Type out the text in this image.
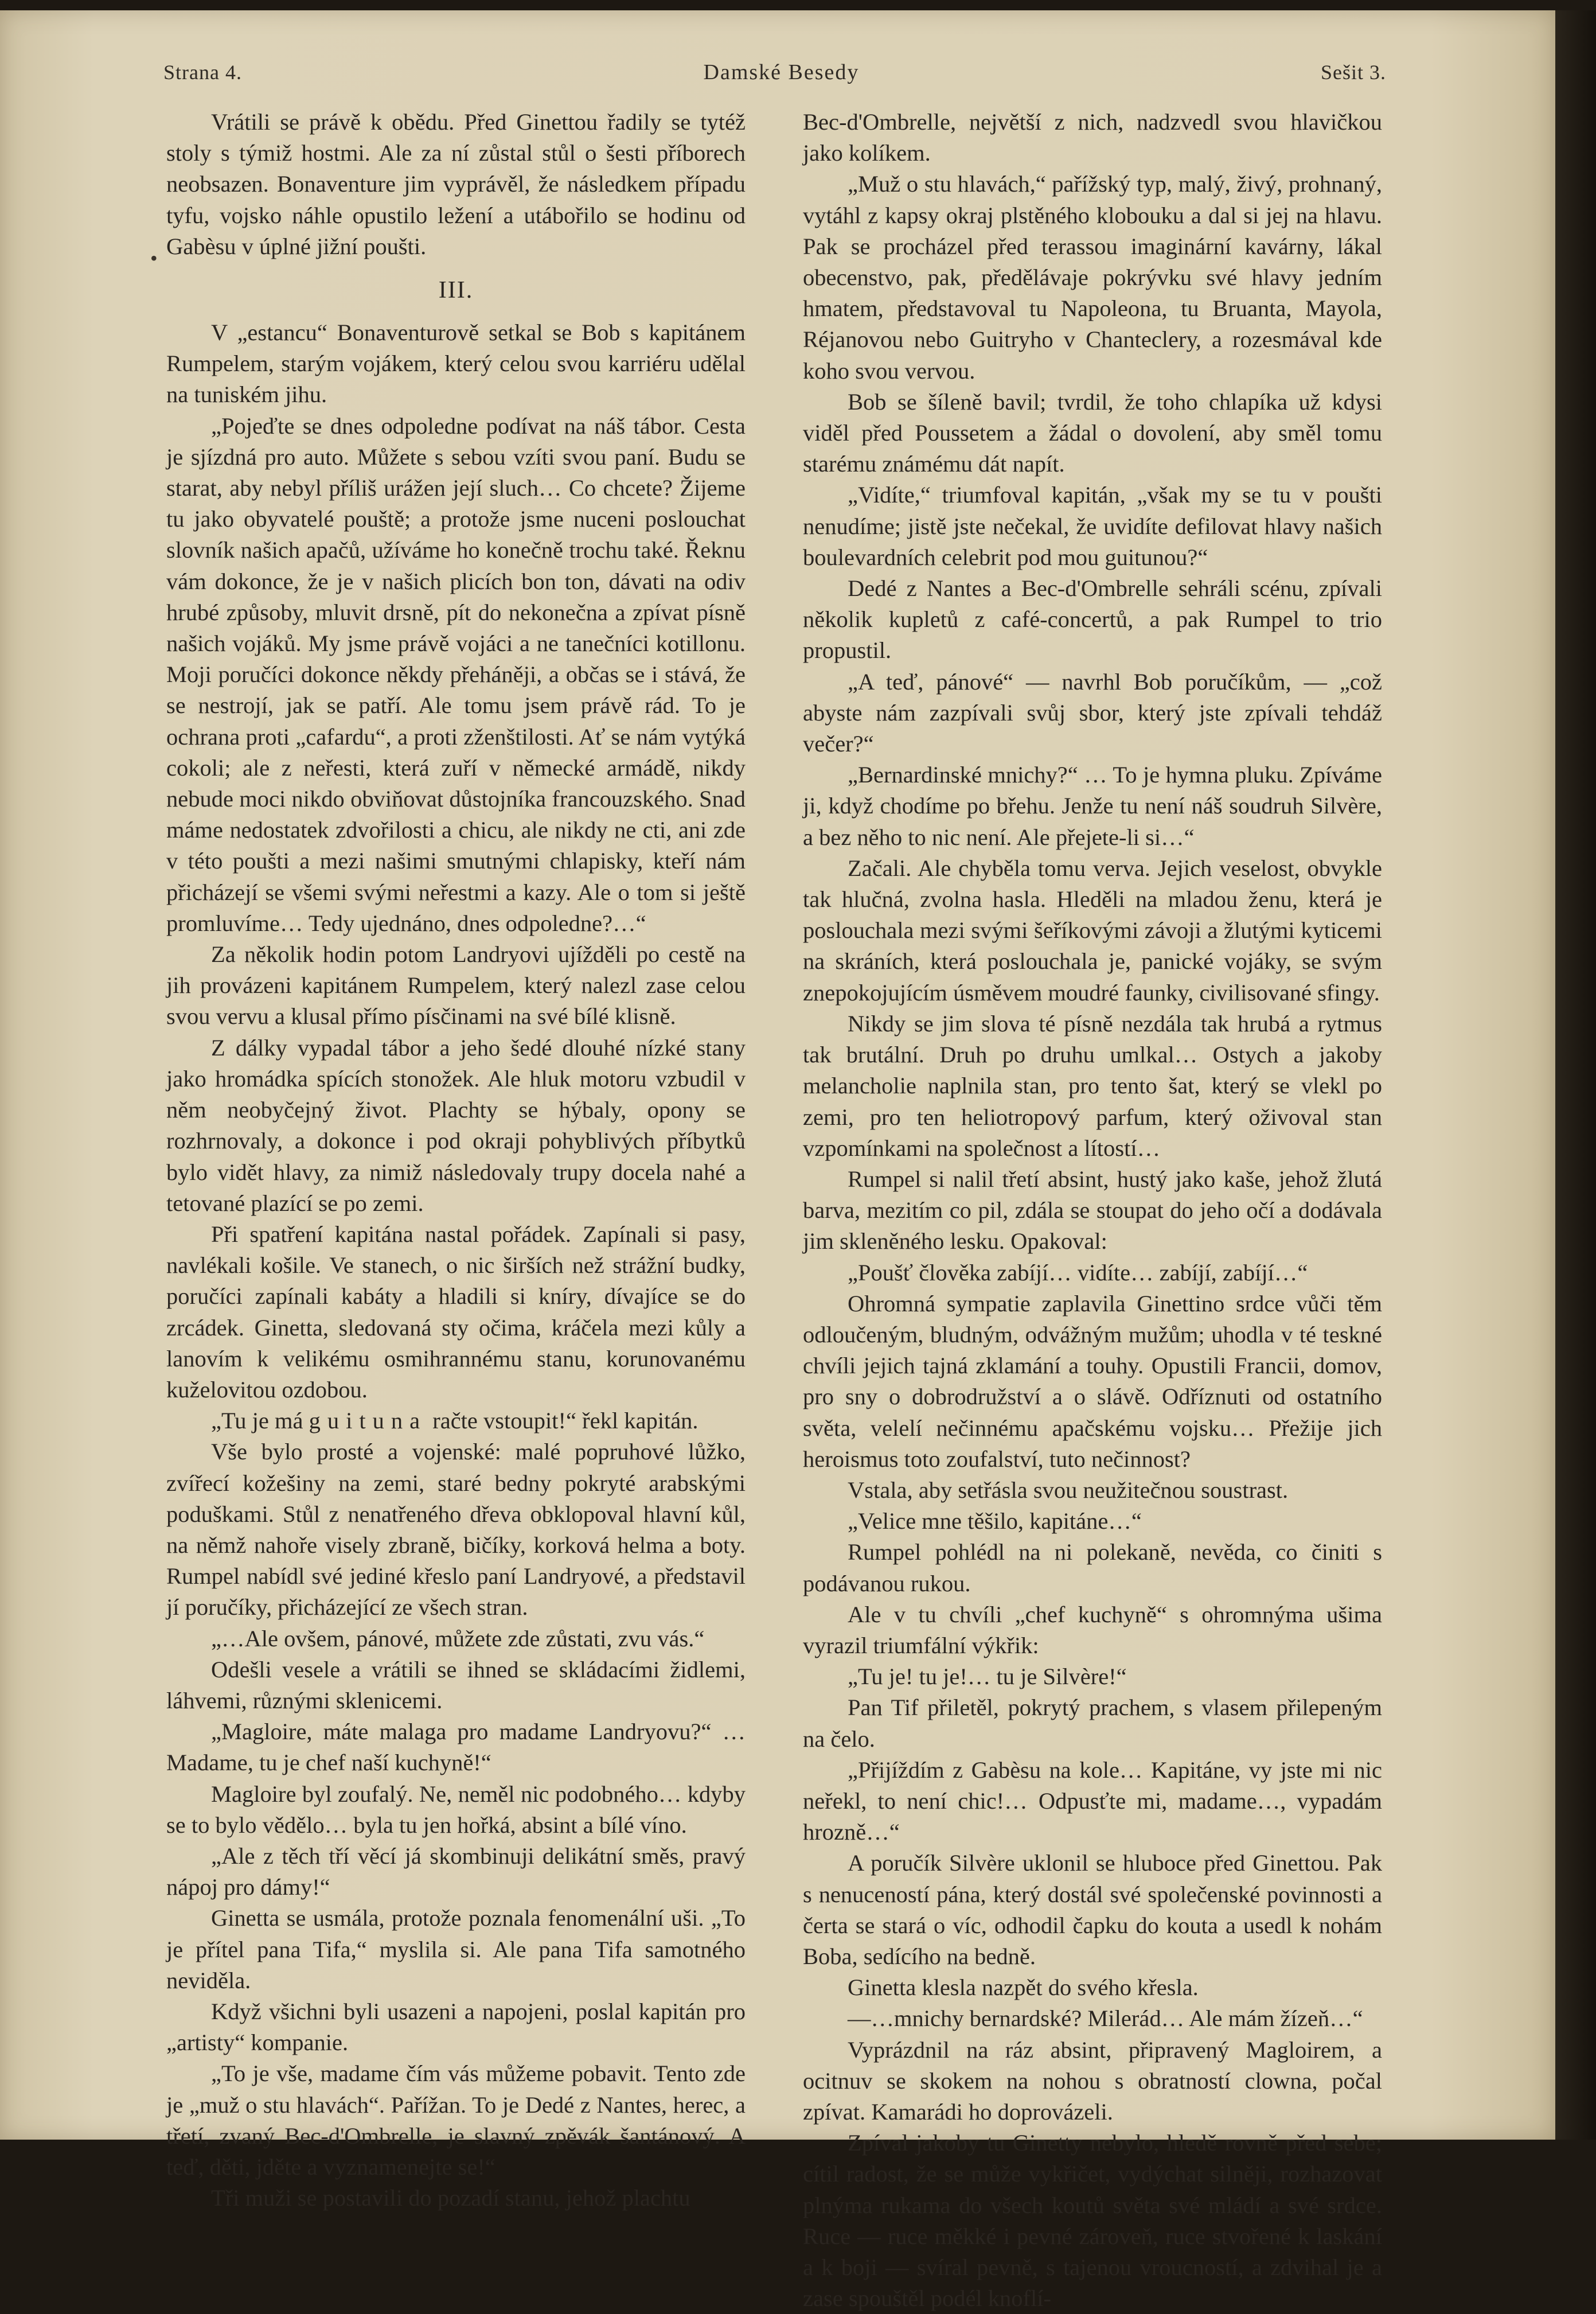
Strana 4.	Damské Besedy	Sešit 3.
•

Vrátili se právě k obědu. Před Ginettou řadily se tytéž stoly s týmiž hostmi. Ale za ní zůstal stůl o šesti příborech neobsazen. Bonaventure jim vyprávěl, že následkem případu tyfu, vojsko náhle opustilo ležení a utábořilo se hodinu od Gabèsu v úplné jižní poušti.

III.

V „estancu“ Bonaventurově setkal se Bob s kapitánem Rumpelem, starým vojákem, který celou svou karriéru udělal na tuniském jihu.

„Pojeďte se dnes odpoledne podívat na náš tábor. Cesta je sjízdná pro auto. Můžete s sebou vzíti svou paní. Budu se starat, aby nebyl příliš urážen její sluch… Co chcete? Žijeme tu jako obyvatelé pouště; a protože jsme nuceni poslouchat slovník našich apačů, užíváme ho konečně trochu také. Řeknu vám dokonce, že je v našich plicích bon ton, dávati na odiv hrubé způsoby, mluvit drsně, pít do nekonečna a zpívat písně našich vojáků. My jsme právě vojáci a ne tanečníci kotillonu. Moji poručíci dokonce někdy přeháněji, a občas se i stává, že se nestrojí, jak se patří. Ale tomu jsem právě rád. To je ochrana proti „cafardu“, a proti zženštilosti. Ať se nám vytýká cokoli; ale z neřesti, která zuří v německé armádě, nikdy nebude moci nikdo obviňovat důstojníka francouzského. Snad máme nedostatek zdvořilosti a chicu, ale nikdy ne cti, ani zde v této poušti a mezi našimi smutnými chlapisky, kteří nám přicházejí se všemi svými neřestmi a kazy. Ale o tom si ještě promluvíme… Tedy ujednáno, dnes odpoledne?…“

Za několik hodin potom Landryovi ujížděli po cestě na jih provázeni kapitánem Rumpelem, který nalezl zase celou svou vervu a klusal přímo písčinami na své bílé klisně.

Z dálky vypadal tábor a jeho šedé dlouhé nízké stany jako hromádka spících stonožek. Ale hluk motoru vzbudil v něm neobyčejný život. Plachty se hýbaly, opony se rozhrnovaly, a dokonce i pod okraji pohyblivých příbytků bylo vidět hlavy, za nimiž následovaly trupy docela nahé a tetované plazící se po zemi.

Při spatření kapitána nastal pořádek. Zapínali si pasy, navlékali košile. Ve stanech, o nic širších než strážní budky, poručíci zapínali kabáty a hladili si kníry, dívajíce se do zrcádek. Ginetta, sledovaná sty očima, kráčela mezi kůly a lanovím k velikému osmihrannému stanu, korunovanému kuželovitou ozdobou.

„Tu je má guituna račte vstoupit!“ řekl kapitán.

Vše bylo prosté a vojenské: malé popruhové lůžko, zvířecí kožešiny na zemi, staré bedny pokryté arabskými poduškami. Stůl z nenatřeného dřeva obklopoval hlavní kůl, na němž nahoře visely zbraně, bičíky, korková helma a boty. Rumpel nabídl své jediné křeslo paní Landryové, a představil jí poručíky, přicházející ze všech stran.

„…Ale ovšem, pánové, můžete zde zůstati, zvu vás.“

Odešli vesele a vrátili se ihned se skládacími židlemi, láhvemi, různými sklenicemi.

„Magloire, máte malaga pro madame Landryovu?“ …Madame, tu je chef naší kuchyně!“

Magloire byl zoufalý. Ne, neměl nic podobného… kdyby se to bylo vědělo… byla tu jen hořká, absint a bílé víno.

„Ale z těch tří věcí já skombinuji delikátní směs, pravý nápoj pro dámy!“

Ginetta se usmála, protože poznala fenomenální uši. „To je přítel pana Tifa,“ myslila si. Ale pana Tifa samotného neviděla.

Když všichni byli usazeni a napojeni, poslal kapitán pro „artisty“ kompanie.

„To je vše, madame čím vás můžeme pobavit. Tento zde je „muž o stu hlavách“. Pařížan. To je Dedé z Nantes, herec, a třetí, zvaný Bec-d'Ombrelle, je slavný zpěvák šantánový. A teď, děti, jděte a vyznamenejte se!“

Tři muži se postavili do pozadí stanu, jehož plachtu

Bec-d'Ombrelle, největší z nich, nadzvedl svou hlavičkou jako kolíkem.

„Muž o stu hlavách,“ pařížský typ, malý, živý, prohnaný, vytáhl z kapsy okraj plstěného klobouku a dal si jej na hlavu. Pak se procházel před terassou imaginární kavárny, lákal obecenstvo, pak, předělávaje pokrývku své hlavy jedním hmatem, představoval tu Napoleona, tu Bruanta, Mayola, Réjanovou nebo Guitryho v Chanteclerу, a rozesmával kde koho svou vervou.

Bob se šíleně bavil; tvrdil, že toho chlapíka už kdysi viděl před Poussetem a žádal o dovolení, aby směl tomu starému známému dát napít.

„Vidíte,“ triumfoval kapitán, „však my se tu v poušti nenudíme; jistě jste nečekal, že uvidíte defilovat hlavy našich boulevardních celebrit pod mou guitunou?“

Dedé z Nantes a Bec-d'Ombrelle sehráli scénu, zpívali několik kupletů z café-concertů, a pak Rumpel to trio propustil.

„A teď, pánové“ — navrhl Bob poručíkům, — „což abyste nám zazpívali svůj sbor, který jste zpívali tehdáž večer?“

„Bernardinské mnichy?“ … To je hymna pluku. Zpíváme ji, když chodíme po břehu. Jenže tu není náš soudruh Silvère, a bez něho to nic není. Ale přejete-li si…“

Začali. Ale chyběla tomu verva. Jejich veselost, obvykle tak hlučná, zvolna hasla. Hleděli na mladou ženu, která je poslouchala mezi svými šeříkovými závoji a žlutými kyticemi na skráních, která poslouchala je, panické vojáky, se svým znepokojujícím úsměvem moudré faunky, civilisované sfingy.

Nikdy se jim slova té písně nezdála tak hrubá a rytmus tak brutální. Druh po druhu umlkal… Ostych a jakoby melancholie naplnila stan, pro tento šat, který se vlekl po zemi, pro ten heliotropový parfum, který oživoval stan vzpomínkami na společnost a lítostí…

Rumpel si nalil třetí absint, hustý jako kaše, jehož žlutá barva, mezitím co pil, zdála se stoupat do jeho očí a dodávala jim skleněného lesku. Opakoval:

„Poušť člověka zabíjí… vidíte… zabíjí, zabíjí…“

Ohromná sympatie zaplavila Ginettino srdce vůči těm odloučeným, bludným, odvážným mužům; uhodla v té teskné chvíli jejich tajná zklamání a touhy. Opustili Francii, domov, pro sny o dobrodružství a o slávě. Odříznuti od ostatního světa, velelí nečinnému apačskému vojsku… Přežije jich heroismus toto zoufalství, tuto nečinnost?

Vstala, aby setřásla svou neužitečnou soustrast.

„Velice mne těšilo, kapitáne…“

Rumpel pohlédl na ni polekaně, nevěda, co činiti s podávanou rukou.

Ale v tu chvíli „chef kuchyně“ s ohromnýma ušima vyrazil triumfální výkřik:

„Tu je! tu je!… tu je Silvère!“

Pan Tif přiletěl, pokrytý prachem, s vlasem přilepeným na čelo.

„Přijíždím z Gabèsu na kole… Kapitáne, vy jste mi nic neřekl, to není chic!… Odpusťte mi, madame…, vypadám hrozně…“

A poručík Silvère uklonil se hluboce před Ginettou. Pak s nenuceností pána, který dostál své společenské povinnosti a čerta se stará o víc, odhodil čapku do kouta a usedl k nohám Boba, sedícího na bedně.

Ginetta klesla nazpět do svého křesla.

—…mnichy bernardské? Milerád… Ale mám žízeň…“

Vyprázdnil na ráz absint, připravený Magloirem, a ocitnuv se skokem na nohou s obratností clowna, počal zpívat. Kamarádi ho doprovázeli.

Zpíval jakoby tu Ginetty nebylo, hledě rovně před sebe; cítil radost, že se může vykřičet, vydýchat silněji, rozhazovat plnýma rukama do všech koutů světa své mládí a své srdce. Ruce — ruce měkké i pevné zároveň, ruce stvořené k laskání a k boji — svíral pevně, s tajenou vroucností, a zdvihal je a zase spouštěl podél knoflí-
